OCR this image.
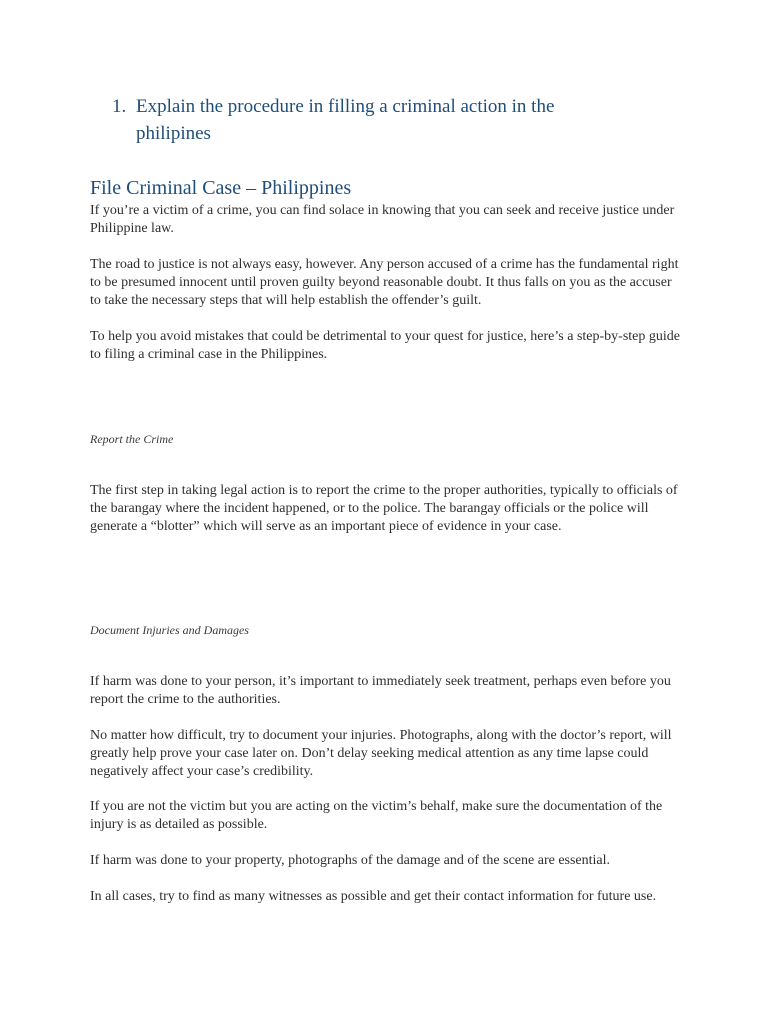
1. Explain the procedure in filling a criminal action in the philipines
File Criminal Case – Philippines

If you’re a victim of a crime, you can find solace in knowing that you can seek and receive justice under Philippine law.

The road to justice is not always easy, however. Any person accused of a crime has the fundamental right to be presumed innocent until proven guilty beyond reasonable doubt. It thus falls on you as the accuser to take the necessary steps that will help establish the offender’s guilt.

To help you avoid mistakes that could be detrimental to your quest for justice, here’s a step-by-step guide to filing a criminal case in the Philippines.

Report the Crime

The first step in taking legal action is to report the crime to the proper authorities, typically to officials of the barangay where the incident happened, or to the police. The barangay officials or the police will generate a “blotter” which will serve as an important piece of evidence in your case.

Document Injuries and Damages

If harm was done to your person, it’s important to immediately seek treatment, perhaps even before you report the crime to the authorities.

No matter how difficult, try to document your injuries. Photographs, along with the doctor’s report, will greatly help prove your case later on. Don’t delay seeking medical attention as any time lapse could negatively affect your case’s credibility.

If you are not the victim but you are acting on the victim’s behalf, make sure the documentation of the injury is as detailed as possible.

If harm was done to your property, photographs of the damage and of the scene are essential.

In all cases, try to find as many witnesses as possible and get their contact information for future use.
